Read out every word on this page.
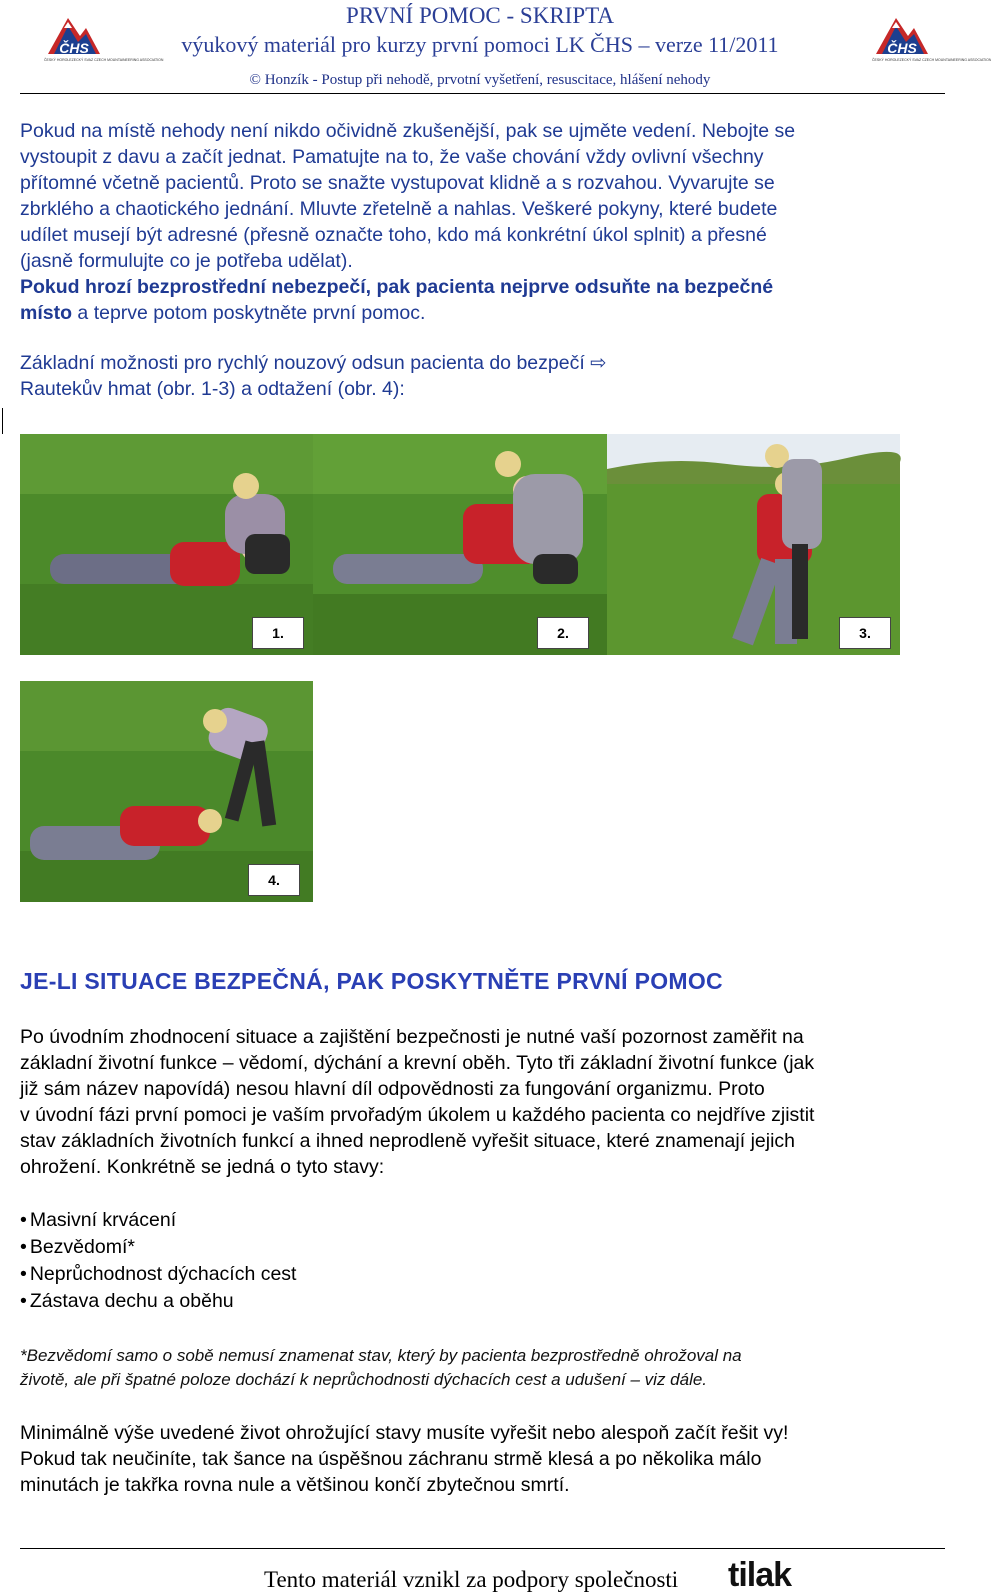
ČHS
ČESKÝ HOROLEZECKÝ SVAZ CZECH MOUNTAINEERING ASSOCIATION
PRVNÍ POMOC - SKRIPTA
výukový materiál pro kurzy první pomoci LK ČHS – verze 11/2011
© Honzík - Postup při nehodě, prvotní vyšetření, resuscitace, hlášení nehody
ČHS
ČESKÝ HOROLEZECKÝ SVAZ CZECH MOUNTAINEERING ASSOCIATION
Pokud na místě nehody není nikdo očividně zkušenější, pak se ujměte vedení. Nebojte se
vystoupit z davu a začít jednat. Pamatujte na to, že vaše chování vždy ovlivní všechny
přítomné včetně pacientů. Proto se snažte vystupovat klidně a s rozvahou. Vyvarujte se
zbrklého a chaotického jednání. Mluvte zřetelně a nahlas. Veškeré pokyny, které budete
udílet musejí být adresné (přesně označte toho, kdo má konkrétní úkol splnit) a přesné
(jasně formulujte co je potřeba udělat).
Pokud hrozí bezprostřední nebezpečí, pak pacienta nejprve odsuňte na bezpečné
místo a teprve potom poskytněte první pomoc.
Základní možnosti pro rychlý nouzový odsun pacienta do bezpečí ⇨
Rautekův hmat (obr. 1-3) a odtažení (obr. 4):
1.	2.	3.
4.
JE-LI SITUACE BEZPEČNÁ, PAK POSKYTNĚTE PRVNÍ POMOC
Po úvodním zhodnocení situace a zajištění bezpečnosti je nutné vaší pozornost zaměřit na
základní životní funkce – vědomí, dýchání a krevní oběh. Tyto tři základní životní funkce (jak
již sám název napovídá) nesou hlavní díl odpovědnosti za fungování organizmu. Proto
v úvodní fázi první pomoci je vaším prvořadým úkolem u každého pacienta co nejdříve zjistit
stav základních životních funkcí a ihned neprodleně vyřešit situace, které znamenají jejich
ohrožení. Konkrétně se jedná o tyto stavy:
• Masivní krvácení
• Bezvědomí*
• Neprůchodnost dýchacích cest
• Zástava dechu a oběhu
*Bezvědomí samo o sobě nemusí znamenat stav, který by pacienta bezprostředně ohrožoval na
životě, ale při špatné poloze dochází k neprůchodnosti dýchacích cest a udušení – viz dále.
Minimálně výše uvedené život ohrožující stavy musíte vyřešit nebo alespoň začít řešit vy!
Pokud tak neučiníte, tak šance na úspěšnou záchranu strmě klesá a po několika málo
minutách je takřka rovna nule a většinou končí zbytečnou smrtí.
Tento materiál vznikl za podpory společnosti tilak
